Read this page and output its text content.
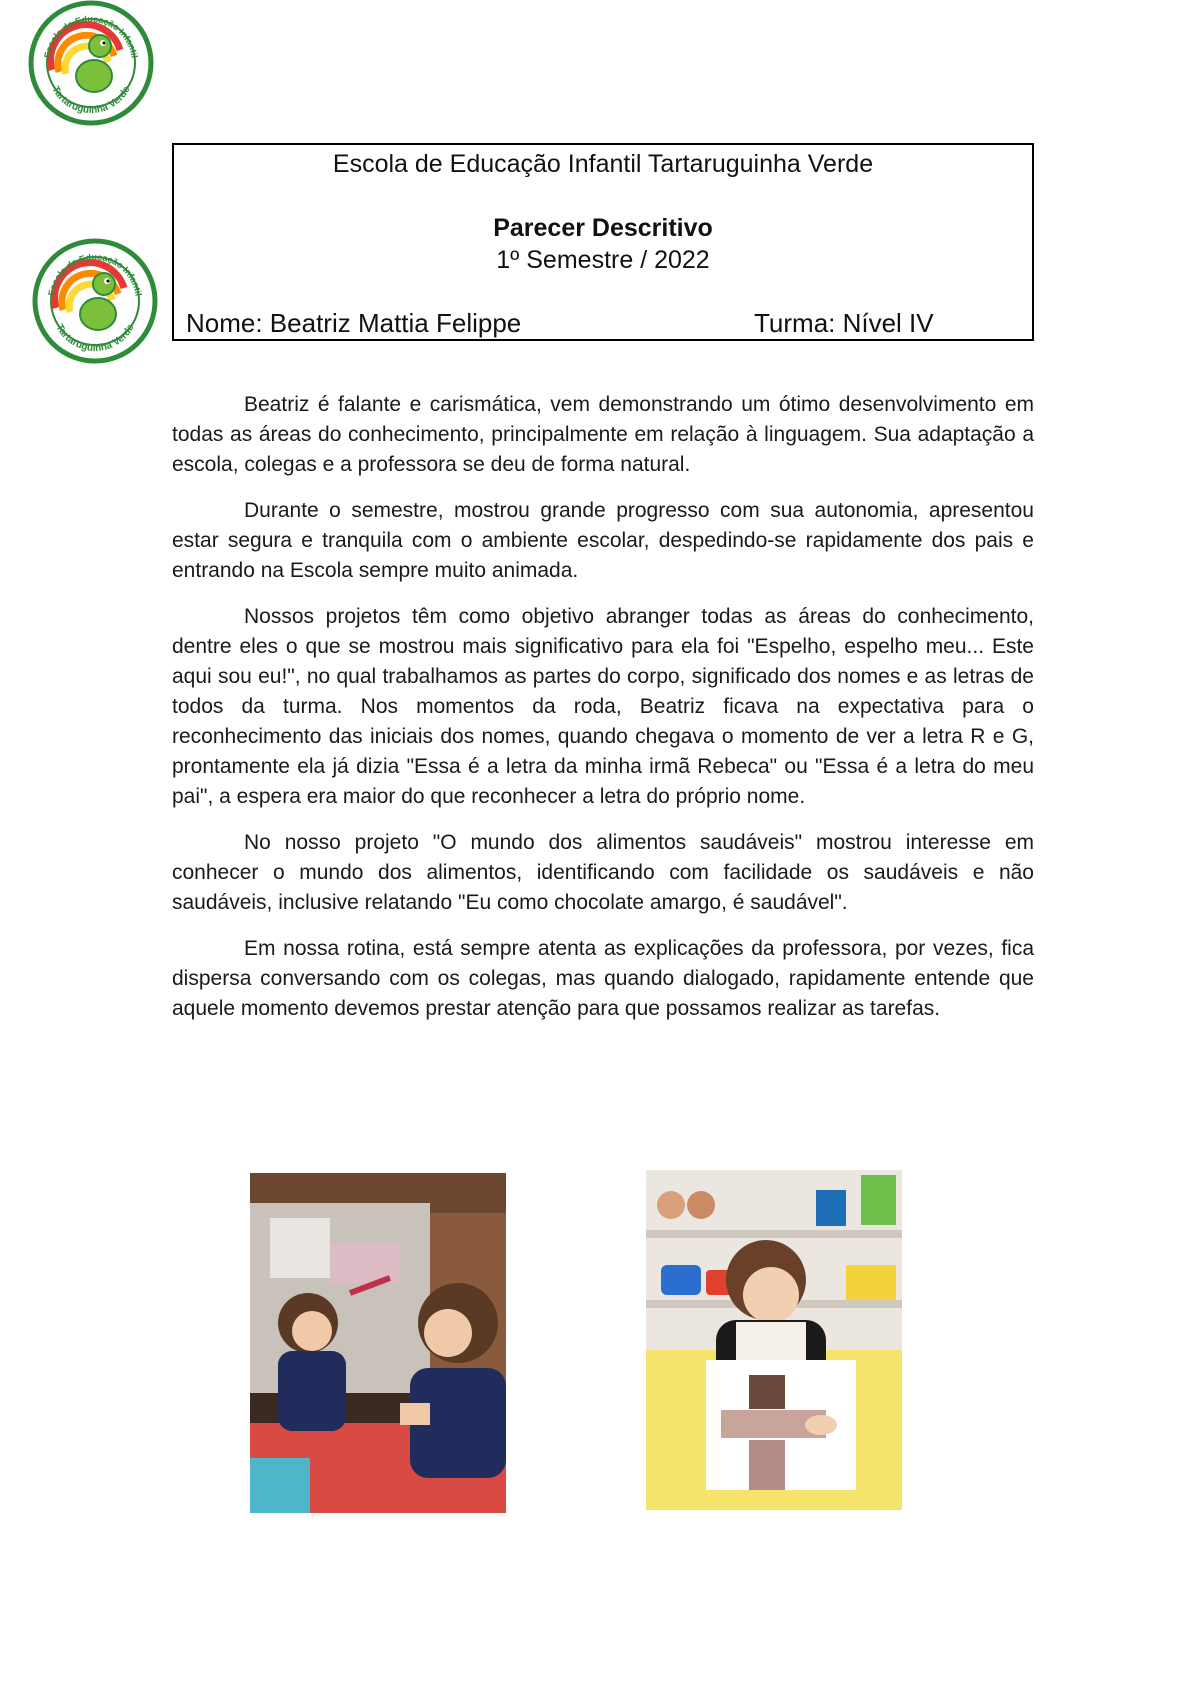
Escola de Educação Infantil
Tartaruguinha Verde
Escola de Educação Infantil
Tartaruguinha Verde
Escola de Educação Infantil Tartaruguinha Verde
Parecer Descritivo
1º Semestre / 2022
Nome: Beatriz Mattia Felippe	Turma: Nível IV

Beatriz é falante e carismática, vem demonstrando um ótimo desenvolvimento em todas as áreas do conhecimento, principalmente em relação à linguagem. Sua adaptação a escola, colegas e a professora se deu de forma natural.

Durante o semestre, mostrou grande progresso com sua autonomia, apresentou estar segura e tranquila com o ambiente escolar, despedindo-se rapidamente dos pais e entrando na Escola sempre muito animada.

Nossos projetos têm como objetivo abranger todas as áreas do conhecimento, dentre eles o que se mostrou mais significativo para ela foi "Espelho, espelho meu... Este aqui sou eu!", no qual trabalhamos as partes do corpo, significado dos nomes e as letras de todos da turma. Nos momentos da roda, Beatriz ficava na expectativa para o reconhecimento das iniciais dos nomes, quando chegava o momento de ver a letra R e G, prontamente ela já dizia "Essa é a letra da minha irmã Rebeca" ou "Essa é a letra do meu pai", a espera era maior do que reconhecer a letra do próprio nome.

No nosso projeto "O mundo dos alimentos saudáveis" mostrou interesse em conhecer o mundo dos alimentos, identificando com facilidade os saudáveis e não saudáveis, inclusive relatando "Eu como chocolate amargo, é saudável".

Em nossa rotina, está sempre atenta as explicações da professora, por vezes, fica dispersa conversando com os colegas, mas quando dialogado, rapidamente entende que aquele momento devemos prestar atenção para que possamos realizar as tarefas.
